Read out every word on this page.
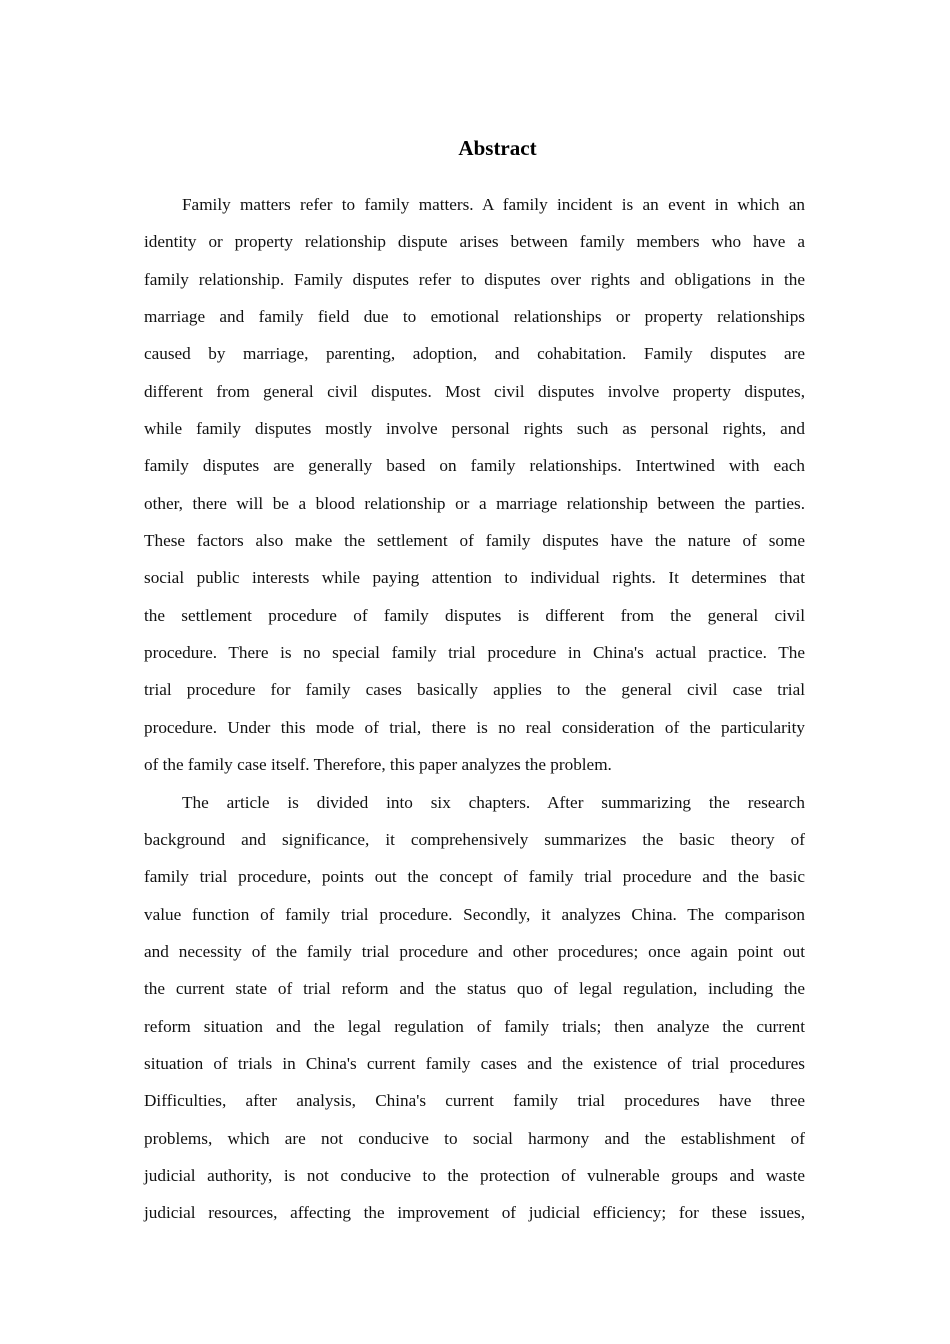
Abstract
Family matters refer to family matters. A family incident is an event in which an
identity or property relationship dispute arises between family members who have a
family relationship. Family disputes refer to disputes over rights and obligations in the
marriage and family field due to emotional relationships or property relationships
caused by marriage, parenting, adoption, and cohabitation. Family disputes are
different from general civil disputes. Most civil disputes involve property disputes,
while family disputes mostly involve personal rights such as personal rights, and
family disputes are generally based on family relationships. Intertwined with each
other, there will be a blood relationship or a marriage relationship between the parties.
These factors also make the settlement of family disputes have the nature of some
social public interests while paying attention to individual rights. It determines that
the settlement procedure of family disputes is different from the general civil
procedure. There is no special family trial procedure in China's actual practice. The
trial procedure for family cases basically applies to the general civil case trial
procedure. Under this mode of trial, there is no real consideration of the particularity
of the family case itself. Therefore, this paper analyzes the problem.
The article is divided into six chapters. After summarizing the research
background and significance, it comprehensively summarizes the basic theory of
family trial procedure, points out the concept of family trial procedure and the basic
value function of family trial procedure. Secondly, it analyzes China. The comparison
and necessity of the family trial procedure and other procedures; once again point out
the current state of trial reform and the status quo of legal regulation, including the
reform situation and the legal regulation of family trials; then analyze the current
situation of trials in China's current family cases and the existence of trial procedures
Difficulties, after analysis, China's current family trial procedures have three
problems, which are not conducive to social harmony and the establishment of
judicial authority, is not conducive to the protection of vulnerable groups and waste
judicial resources, affecting the improvement of judicial efficiency; for these issues,
